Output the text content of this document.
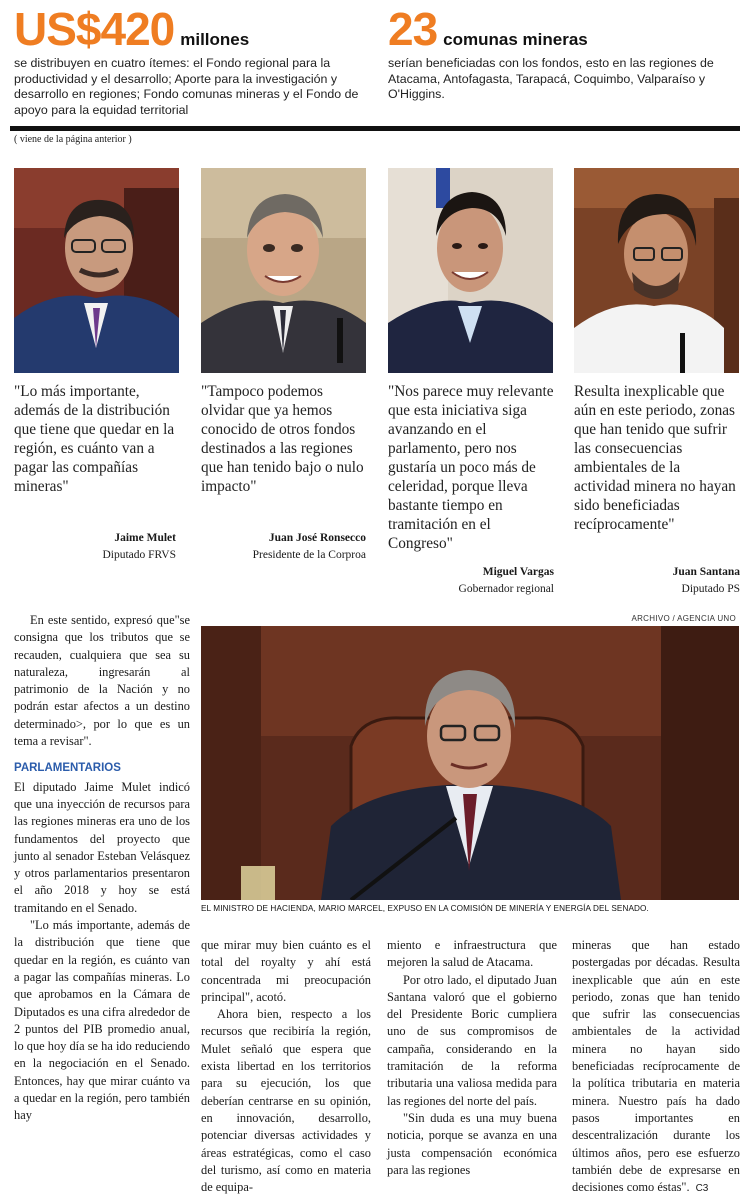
US$420 millones
se distribuyen en cuatro ítemes: el Fondo regional para la productividad y el desarrollo; Aporte para la investigación y desarrollo en regiones; Fondo comunas mineras y el Fondo de apoyo para la equidad territorial
23 comunas mineras
serían beneficiadas con los fondos, esto en las regiones de Atacama, Antofagasta, Tarapacá, Coquimbo, Valparaíso y O'Higgins.
( viene de la página anterior )
"Lo más importante, además de la distribución que tiene que quedar en la región, es cuánto van a pagar las compañías mineras"
Jaime Mulet
Diputado FRVS
"Tampoco podemos olvidar que ya hemos conocido de otros fondos destinados a las regiones que han tenido bajo o nulo impacto"
Juan José Ronsecco
Presidente de la Corproa
"Nos parece muy relevante que esta iniciativa siga avanzando en el parlamento, pero nos gustaría un poco más de celeridad, porque lleva bastante tiempo en tramitación en el Congreso"
Miguel Vargas
Gobernador regional
Resulta inexplicable que aún en este periodo, zonas que han tenido que sufrir las consecuencias ambientales de la actividad minera no hayan sido beneficiadas recíprocamente"
Juan Santana
Diputado PS
ARCHIVO / AGENCIA UNO
EL MINISTRO DE HACIENDA, MARIO MARCEL, EXPUSO EN LA COMISIÓN DE MINERÍA Y ENERGÍA DEL SENADO.

En este sentido, expresó que"se consigna que los tributos que se recauden, cualquiera que sea su naturaleza, ingresarán al patrimonio de la Nación y no podrán estar afectos a un destino determinado>, por lo que es un tema a revisar".

PARLAMENTARIOS

El diputado Jaime Mulet indicó que una inyección de recursos para las regiones mineras era uno de los fundamentos del proyecto que junto al senador Esteban Velásquez y otros parlamentarios presentaron el año 2018 y hoy se está tramitando en el Senado.

"Lo más importante, además de la distribución que tiene que quedar en la región, es cuánto van a pagar las compañías mineras. Lo que aprobamos en la Cámara de Diputados es una cifra alrededor de 2 puntos del PIB promedio anual, lo que hoy día se ha ido reduciendo en la negociación en el Senado. Entonces, hay que mirar cuánto va a quedar en la región, pero también hay

que mirar muy bien cuánto es el total del royalty y ahí está concentrada mi preocupación principal", acotó.

Ahora bien, respecto a los recursos que recibiría la región, Mulet señaló que espera que exista libertad en los territorios para su ejecución, los que deberían centrarse en su opinión, en innovación, desarrollo, potenciar diversas actividades y áreas estratégicas, como el caso del turismo, así como en materia de equipa-

miento e infraestructura que mejoren la salud de Atacama.

Por otro lado, el diputado Juan Santana valoró que el gobierno del Presidente Boric cumpliera uno de sus compromisos de campaña, considerando en la tramitación de la reforma tributaria una valiosa medida para las regiones del norte del país.

"Sin duda es una muy buena noticia, porque se avanza en una justa compensación económica para las regiones

mineras que han estado postergadas por décadas. Resulta inexplicable que aún en este periodo, zonas que han tenido que sufrir las consecuencias ambientales de la actividad minera no hayan sido beneficiadas recíprocamente de la política tributaria en materia minera. Nuestro país ha dado pasos importantes en descentralización durante los últimos años, pero ese esfuerzo también debe de expresarse en decisiones como éstas". C3
